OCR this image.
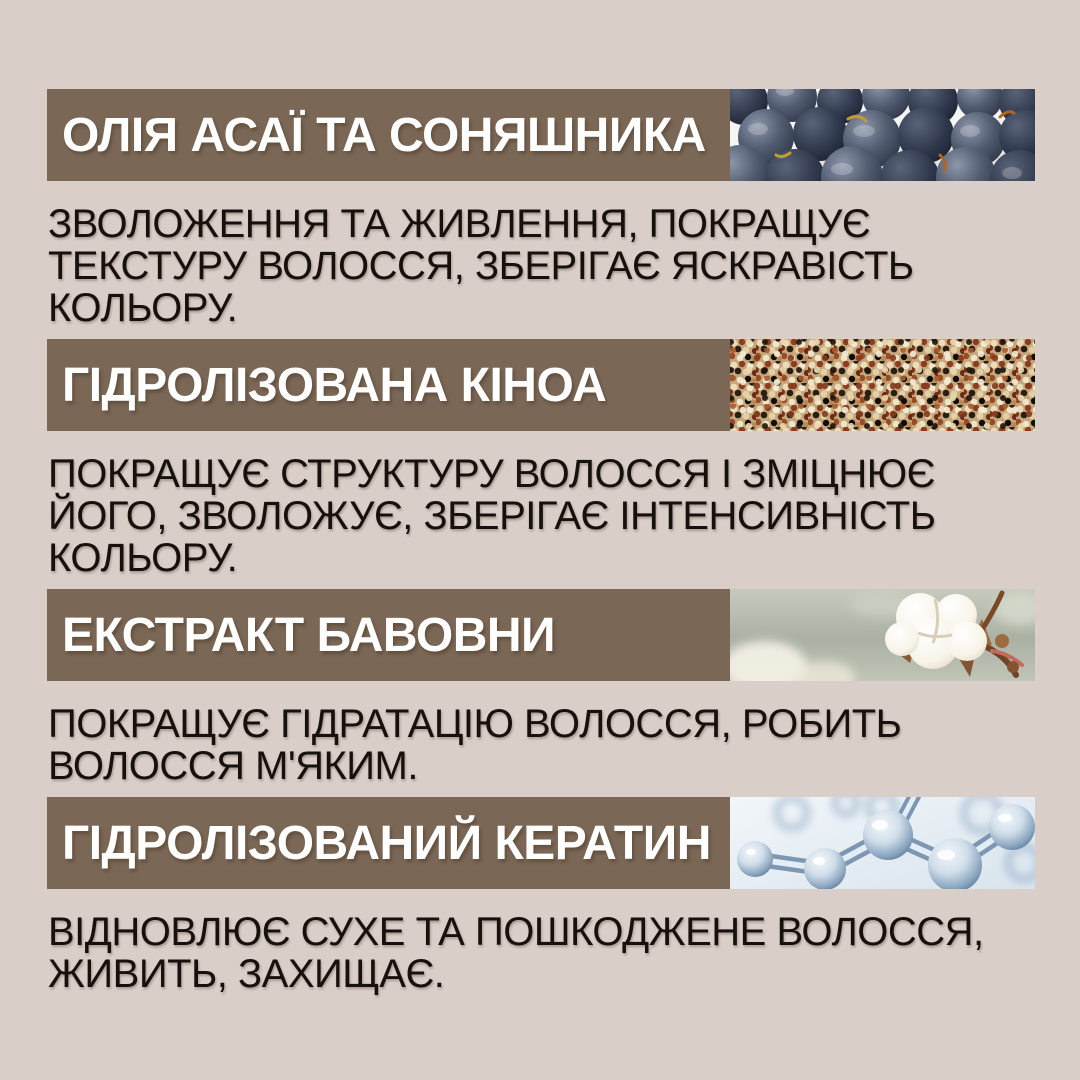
ОЛІЯ АСАЇ ТА СОНЯШНИКА
ЗВОЛОЖЕННЯ ТА ЖИВЛЕННЯ, ПОКРАЩУЄ
ТЕКСТУРУ ВОЛОССЯ, ЗБЕРІГАЄ ЯСКРАВІСТЬ
КОЛЬОРУ.
ГІДРОЛІЗОВАНА КІНОА
ПОКРАЩУЄ СТРУКТУРУ ВОЛОССЯ І ЗМІЦНЮЄ
ЙОГО, ЗВОЛОЖУЄ, ЗБЕРІГАЄ ІНТЕНСИВНІСТЬ
КОЛЬОРУ.
ЕКСТРАКТ БАВОВНИ
ПОКРАЩУЄ ГІДРАТАЦІЮ ВОЛОССЯ, РОБИТЬ
ВОЛОССЯ М'ЯКИМ.
ГІДРОЛІЗОВАНИЙ КЕРАТИН
ВІДНОВЛЮЄ СУХЕ ТА ПОШКОДЖЕНЕ ВОЛОССЯ,
ЖИВИТЬ, ЗАХИЩАЄ.
